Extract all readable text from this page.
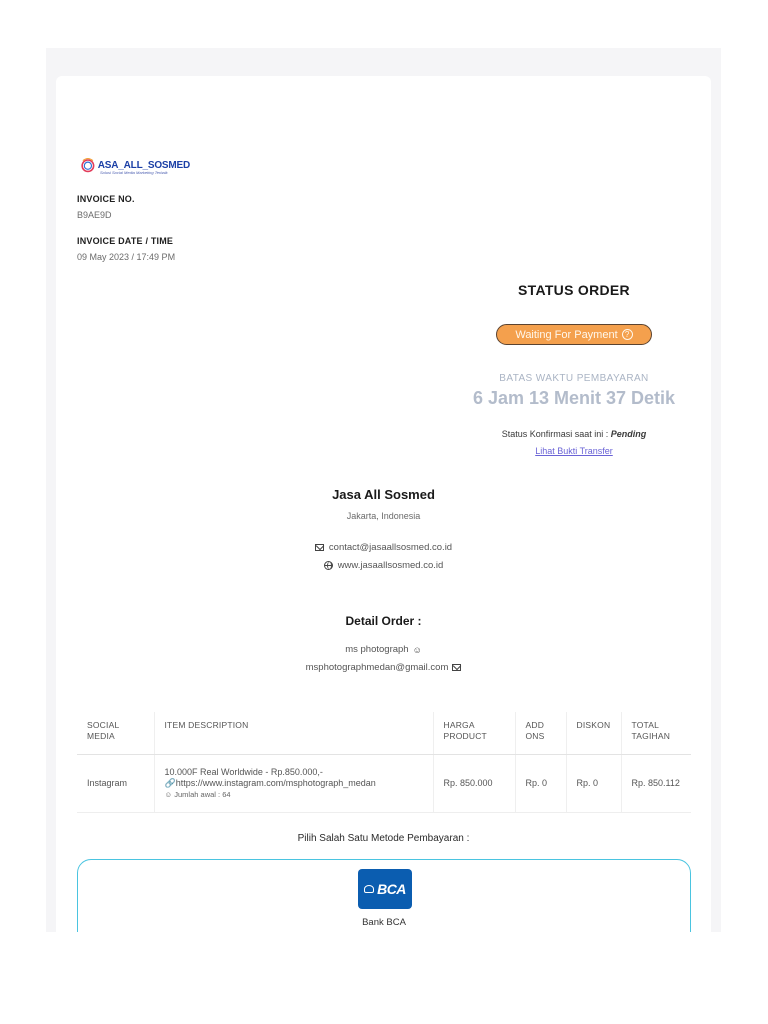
ASA_ALL_SOSMED
Solusi Social Media Marketing Terbaik
INVOICE NO.
B9AE9D
INVOICE DATE / TIME
09 May 2023 / 17:49 PM
STATUS ORDER
Waiting For Payment ?
BATAS WAKTU PEMBAYARAN
6 Jam 13 Menit 37 Detik
Status Konfirmasi saat ini : Pending
Lihat Bukti Transfer
Jasa All Sosmed
Jakarta, Indonesia
contact@jasaallsosmed.co.id
www.jasaallsosmed.co.id
Detail Order :
ms photograph ☺
msphotographmedan@gmail.com
SOCIAL MEDIA	ITEM DESCRIPTION	HARGA PRODUCT	ADD ONS	DISKON	TOTAL TAGIHAN
Instagram	10.000F Real Worldwide - Rp.850.000,-
🔗https://www.instagram.com/msphotograph_medan
☺ Jumlah awal : 64	Rp. 850.000	Rp. 0	Rp. 0	Rp. 850.112
Pilih Salah Satu Metode Pembayaran :
BCA
Bank BCA
